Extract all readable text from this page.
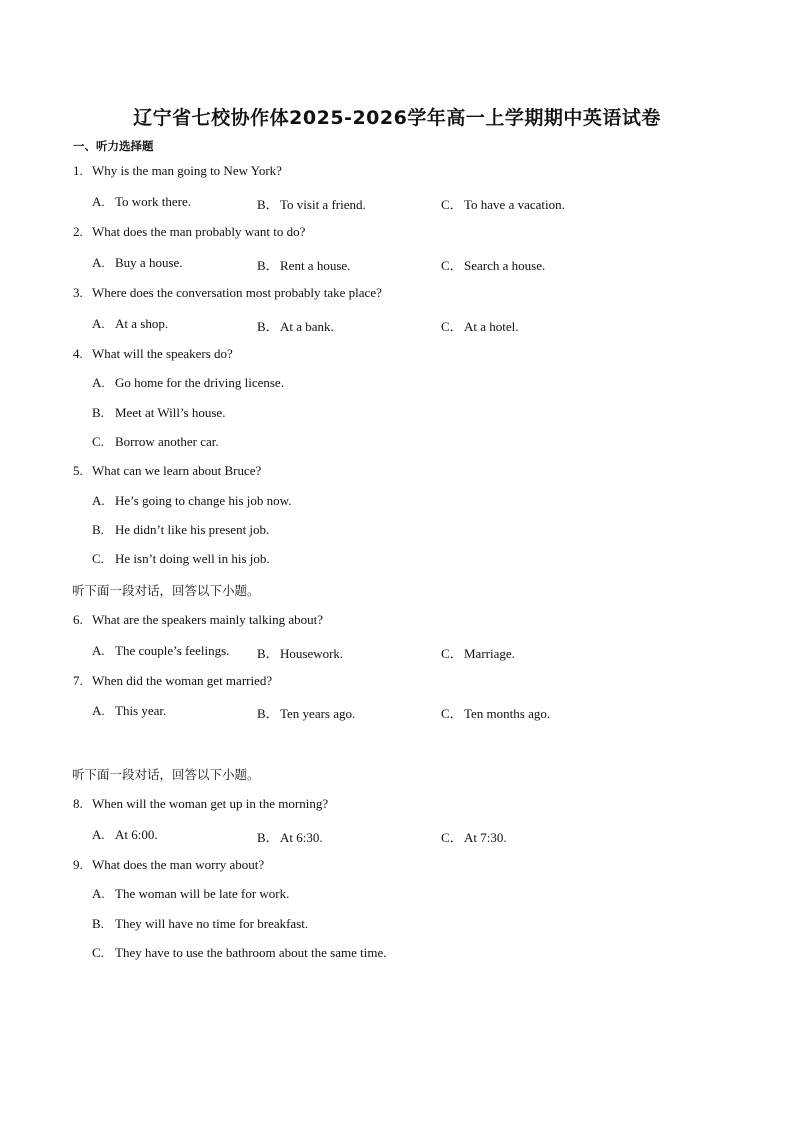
辽宁省七校协作体2025-2026学年高一上学期期中英语试卷
一、听力选择题
1. Why is the man going to New York?
A. To work there.	B．To visit a friend.	C．To have a vacation.
2. What does the man probably want to do?
A. Buy a house.	B．Rent a house.	C．Search a house.
3. Where does the conversation most probably take place?
A. At a shop.	B．At a bank.	C．At a hotel.
4. What will the speakers do?
A. Go home for the driving license.
B. Meet at Will’s house.
C. Borrow another car.
5. What can we learn about Bruce?
A. He’s going to change his job now.
B. He didn’t like his present job.
C. He isn’t doing well in his job.
听下面一段对话，回答以下小题。
6. What are the speakers mainly talking about?
A. The couple’s feelings. B．Housework.	C．Marriage.
7. When did the woman get married?
A. This year.	B．Ten years ago.	C．Ten months ago.
听下面一段对话，回答以下小题。
8. When will the woman get up in the morning?
A. At 6:00.	B．At 6:30.	C．At 7:30.
9. What does the man worry about?
A. The woman will be late for work.
B. They will have no time for breakfast.
C. They have to use the bathroom about the same time.
